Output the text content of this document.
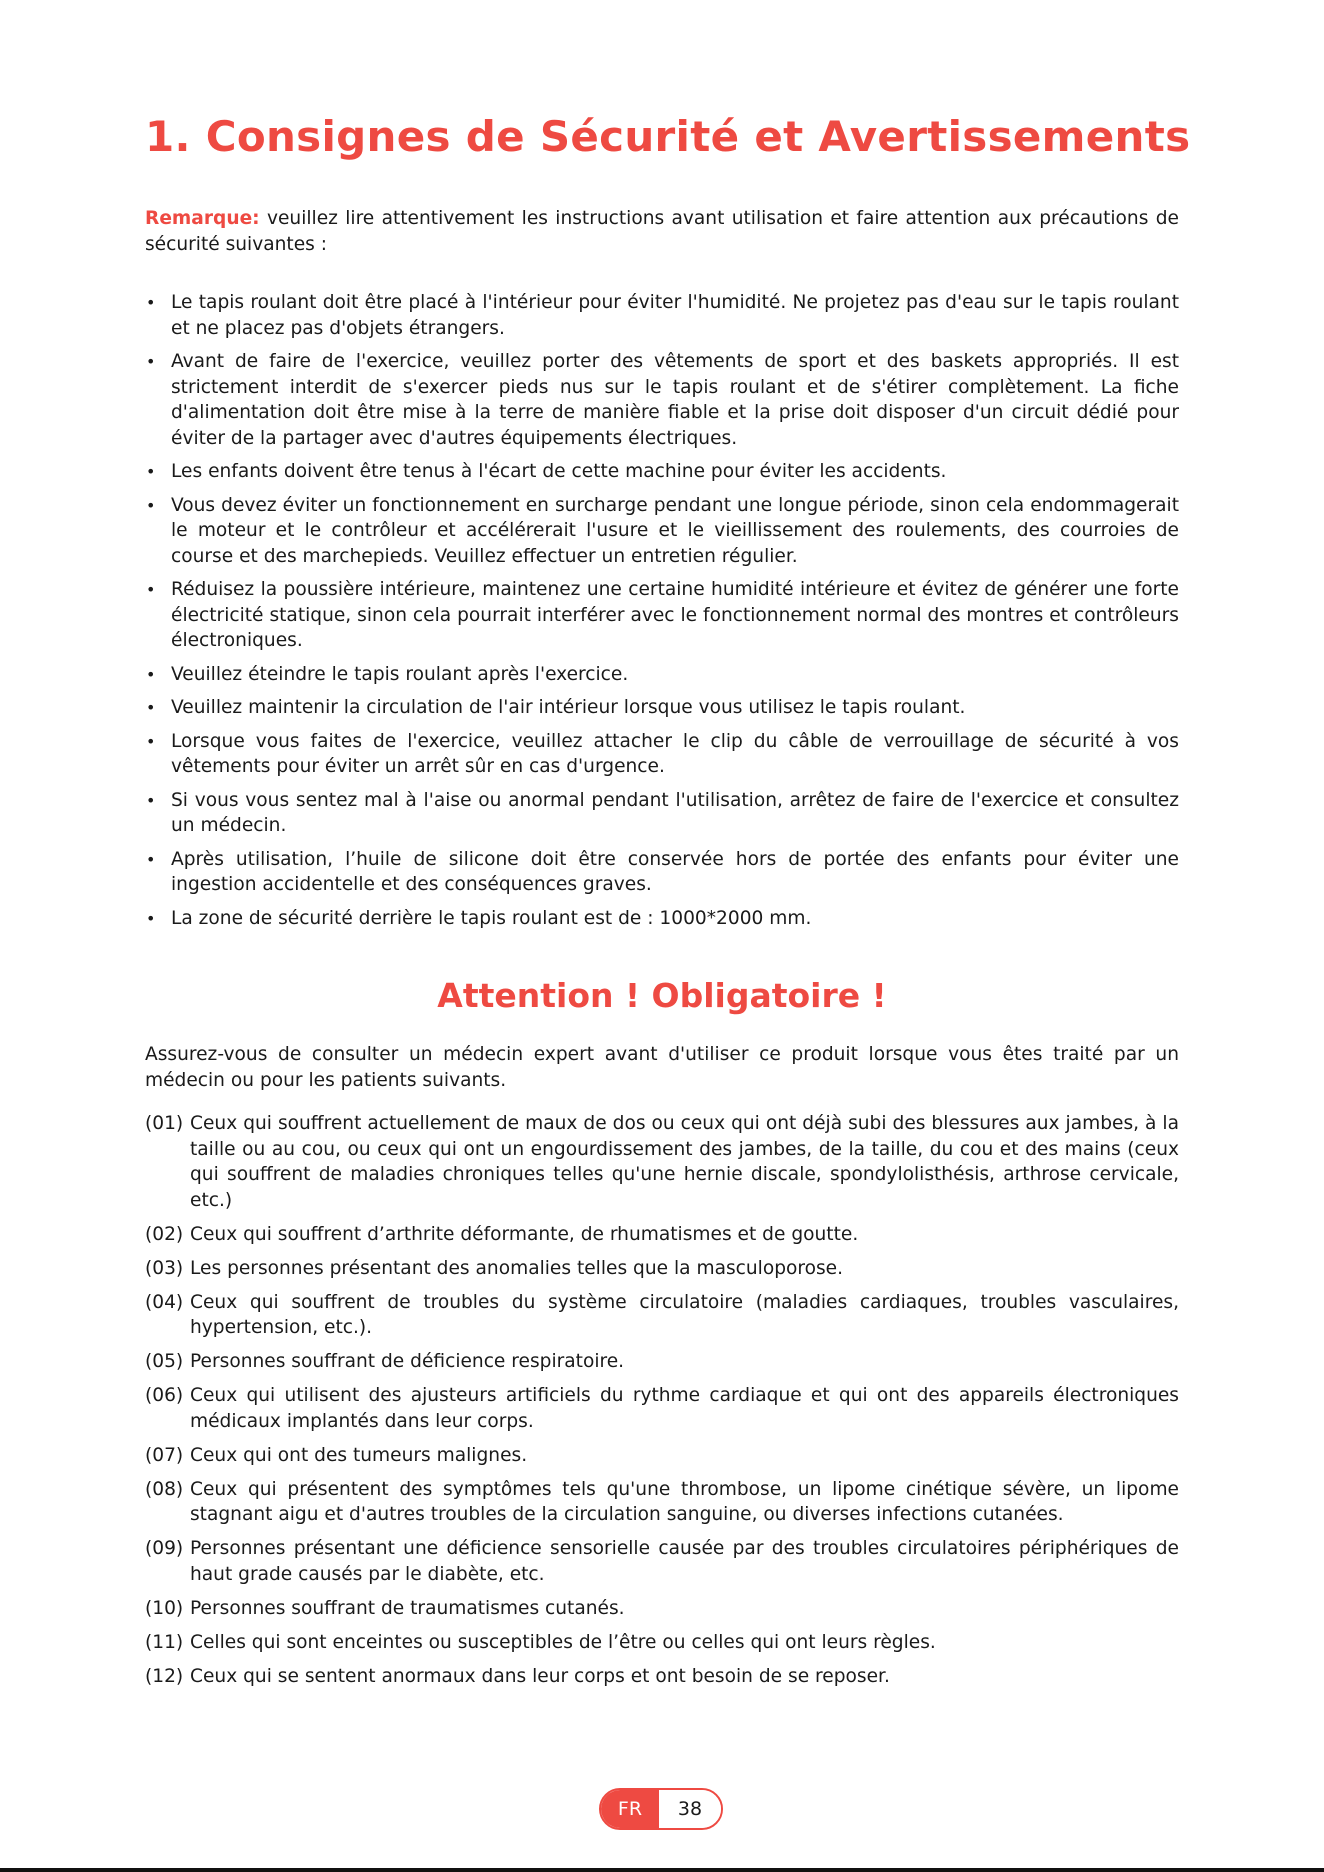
1. Consignes de Sécurité et Avertissements

Remarque: veuillez lire attentivement les instructions avant utilisation et faire attention aux précautions de sécurité suivantes :

• Le tapis roulant doit être placé à l'intérieur pour éviter l'humidité. Ne projetez pas d'eau sur le tapis roulant et ne placez pas d'objets étrangers.
• Avant de faire de l'exercice, veuillez porter des vêtements de sport et des baskets appropriés. Il est strictement interdit de s'exercer pieds nus sur le tapis roulant et de s'étirer complètement. La fiche d'alimentation doit être mise à la terre de manière fiable et la prise doit disposer d'un circuit dédié pour éviter de la partager avec d'autres équipements électriques.
• Les enfants doivent être tenus à l'écart de cette machine pour éviter les accidents.
• Vous devez éviter un fonctionnement en surcharge pendant une longue période, sinon cela endommagerait le moteur et le contrôleur et accélérerait l'usure et le vieillissement des roulements, des courroies de course et des marchepieds. Veuillez effectuer un entretien régulier.
• Réduisez la poussière intérieure, maintenez une certaine humidité intérieure et évitez de générer une forte électricité statique, sinon cela pourrait interférer avec le fonctionnement normal des montres et contrôleurs électroniques.
• Veuillez éteindre le tapis roulant après l'exercice.
• Veuillez maintenir la circulation de l'air intérieur lorsque vous utilisez le tapis roulant.
• Lorsque vous faites de l'exercice, veuillez attacher le clip du câble de verrouillage de sécurité à vos vêtements pour éviter un arrêt sûr en cas d'urgence.
• Si vous vous sentez mal à l'aise ou anormal pendant l'utilisation, arrêtez de faire de l'exercice et consultez un médecin.
• Après utilisation, l’huile de silicone doit être conservée hors de portée des enfants pour éviter une ingestion accidentelle et des conséquences graves.
• La zone de sécurité derrière le tapis roulant est de : 1000*2000 mm.
Attention ! Obligatoire !

Assurez-vous de consulter un médecin expert avant d'utiliser ce produit lorsque vous êtes traité par un médecin ou pour les patients suivants.

(01) Ceux qui souffrent actuellement de maux de dos ou ceux qui ont déjà subi des blessures aux jambes, à la taille ou au cou, ou ceux qui ont un engourdissement des jambes, de la taille, du cou et des mains (ceux qui souffrent de maladies chroniques telles qu'une hernie discale, spondylolisthésis, arthrose cervicale, etc.)
(02) Ceux qui souffrent d’arthrite déformante, de rhumatismes et de goutte.
(03) Les personnes présentant des anomalies telles que la masculoporose.
(04) Ceux qui souffrent de troubles du système circulatoire (maladies cardiaques, troubles vasculaires, hypertension, etc.).
(05) Personnes souffrant de déficience respiratoire.
(06) Ceux qui utilisent des ajusteurs artificiels du rythme cardiaque et qui ont des appareils électroniques médicaux implantés dans leur corps.
(07) Ceux qui ont des tumeurs malignes.
(08) Ceux qui présentent des symptômes tels qu'une thrombose, un lipome cinétique sévère, un lipome stagnant aigu et d'autres troubles de la circulation sanguine, ou diverses infections cutanées.
(09) Personnes présentant une déficience sensorielle causée par des troubles circulatoires périphériques de haut grade causés par le diabète, etc.
(10) Personnes souffrant de traumatismes cutanés.
(11) Celles qui sont enceintes ou susceptibles de l’être ou celles qui ont leurs règles.
(12) Ceux qui se sentent anormaux dans leur corps et ont besoin de se reposer.
FR	38
